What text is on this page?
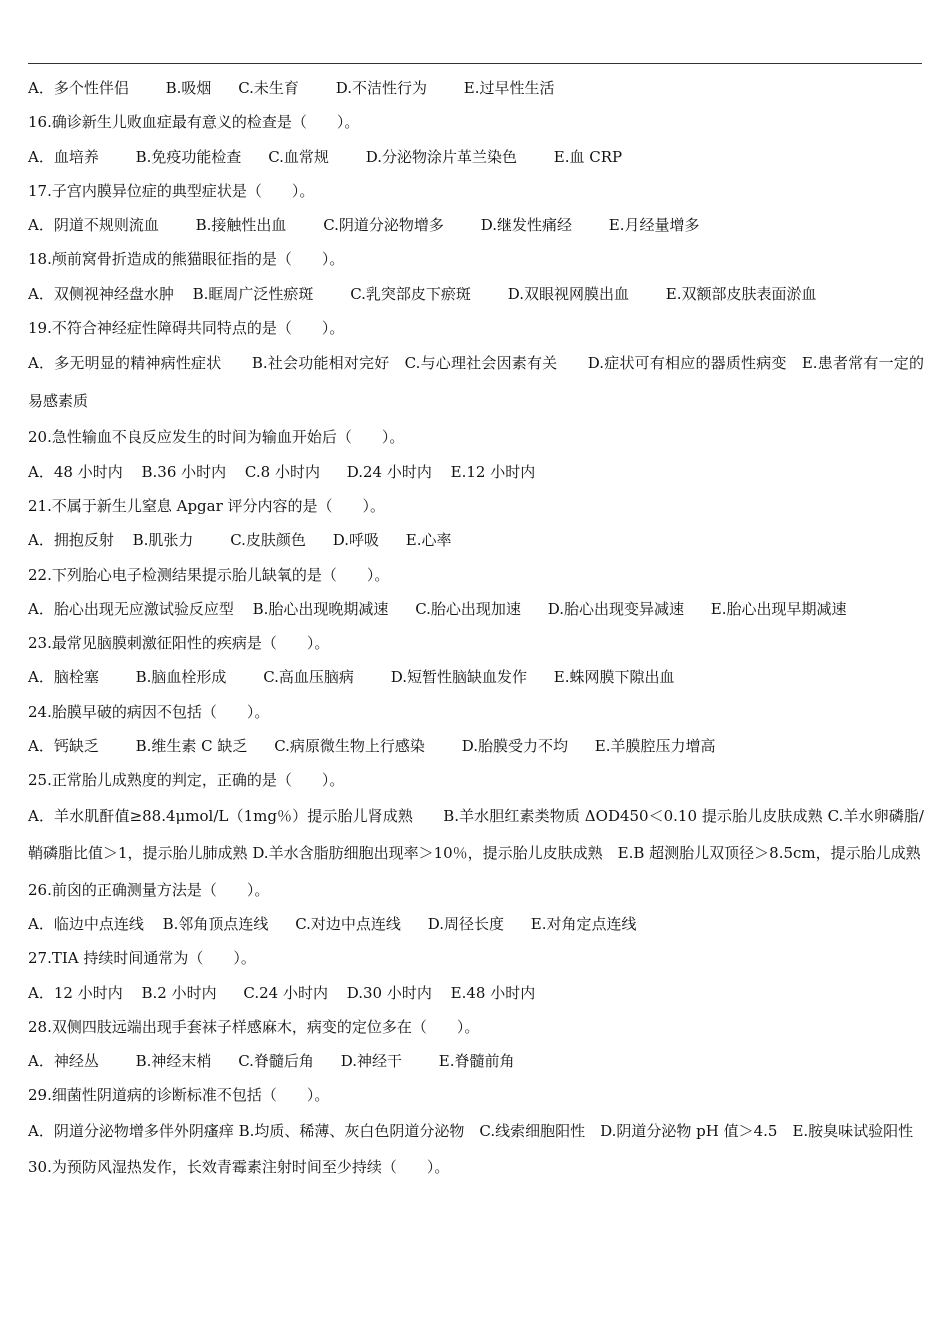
A．多个性伴侣 B.吸烟 C.未生育 D.不洁性行为 E.过早性生活
16.确诊新生儿败血症最有意义的检查是（　　）。
A．血培养 B.免疫功能检查 C.血常规 D.分泌物涂片革兰染色 E.血 CRP
17.子宫内膜异位症的典型症状是（　　）。
A．阴道不规则流血 B.接触性出血 C.阴道分泌物增多 D.继发性痛经 E.月经量增多
18.颅前窝骨折造成的熊猫眼征指的是（　　）。
A．双侧视神经盘水肿 B.眶周广泛性瘀斑 C.乳突部皮下瘀斑 D.双眼视网膜出血 E.双额部皮肤表面淤血
19.不符合神经症性障碍共同特点的是（　　）。
A．多无明显的精神病性症状　　B.社会功能相对完好　C.与心理社会因素有关　　D.症状可有相应的器质性病变　E.患者常有一定的易感素质
20.急性输血不良反应发生的时间为输血开始后（　　）。
A．48 小时内 B.36 小时内 C.8 小时内 D.24 小时内 E.12 小时内
21.不属于新生儿窒息 Apgar 评分内容的是（　　）。
A．拥抱反射 B.肌张力 C.皮肤颜色 D.呼吸 E.心率
22.下列胎心电子检测结果提示胎儿缺氧的是（　　）。
A．胎心出现无应激试验反应型 B.胎心出现晚期减速 C.胎心出现加速 D.胎心出现变异减速 E.胎心出现早期减速
23.最常见脑膜刺激征阳性的疾病是（　　）。
A．脑栓塞 B.脑血栓形成 C.高血压脑病 D.短暂性脑缺血发作 E.蛛网膜下隙出血
24.胎膜早破的病因不包括（　　）。
A．钙缺乏 B.维生素 C 缺乏 C.病原微生物上行感染 D.胎膜受力不均 E.羊膜腔压力增高
25.正常胎儿成熟度的判定，正确的是（　　）。
A．羊水肌酐值≥88.4μmol/L（1mg％）提示胎儿肾成熟　　B.羊水胆红素类物质 ΔOD450＜0.10 提示胎儿皮肤成熟 C.羊水卵磷脂/鞘磷脂比值＞1，提示胎儿肺成熟 D.羊水含脂肪细胞出现率＞10％，提示胎儿皮肤成熟　E.B 超测胎儿双顶径＞8.5cm，提示胎儿成熟
26.前囟的正确测量方法是（　　）。
A．临边中点连线 B.邻角顶点连线 C.对边中点连线 D.周径长度 E.对角定点连线
27.TIA 持续时间通常为（　　）。
A．12 小时内 B.2 小时内 C.24 小时内 D.30 小时内 E.48 小时内
28.双侧四肢远端出现手套袜子样感麻木，病变的定位多在（　　）。
A．神经丛 B.神经末梢 C.脊髓后角 D.神经干 E.脊髓前角
29.细菌性阴道病的诊断标准不包括（　　）。
A．阴道分泌物增多伴外阴瘙痒 B.均质、稀薄、灰白色阴道分泌物　C.线索细胞阳性　D.阴道分泌物 pH 值＞4.5　E.胺臭味试验阳性
30.为预防风湿热发作，长效青霉素注射时间至少持续（　　）。
